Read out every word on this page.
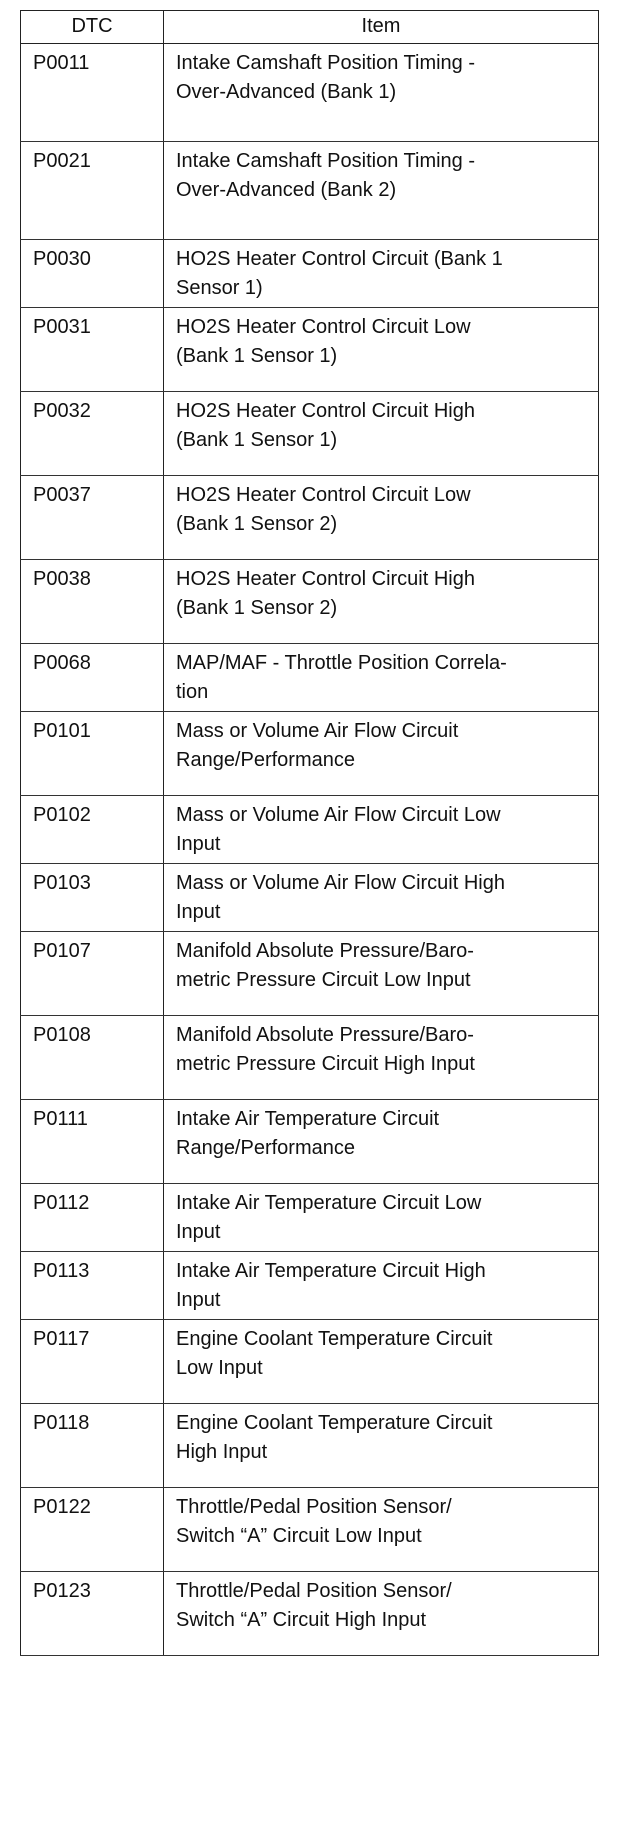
DTC	Item

P0011	Intake Camshaft Position Timing -
Over-Advanced (Bank 1)

P0021	Intake Camshaft Position Timing -
Over-Advanced (Bank 2)

P0030	HO2S Heater Control Circuit (Bank 1
Sensor 1)

P0031	HO2S Heater Control Circuit Low
(Bank 1 Sensor 1)

P0032	HO2S Heater Control Circuit High
(Bank 1 Sensor 1)

P0037	HO2S Heater Control Circuit Low
(Bank 1 Sensor 2)

P0038	HO2S Heater Control Circuit High
(Bank 1 Sensor 2)

P0068	MAP/MAF - Throttle Position Correla-
tion

P0101	Mass or Volume Air Flow Circuit
Range/Performance

P0102	Mass or Volume Air Flow Circuit Low
Input

P0103	Mass or Volume Air Flow Circuit High
Input

P0107	Manifold Absolute Pressure/Baro-
metric Pressure Circuit Low Input

P0108	Manifold Absolute Pressure/Baro-
metric Pressure Circuit High Input

P0111	Intake Air Temperature Circuit
Range/Performance

P0112	Intake Air Temperature Circuit Low
Input

P0113	Intake Air Temperature Circuit High
Input

P0117	Engine Coolant Temperature Circuit
Low Input

P0118	Engine Coolant Temperature Circuit
High Input

P0122	Throttle/Pedal Position Sensor/
Switch “A” Circuit Low Input

P0123	Throttle/Pedal Position Sensor/
Switch “A” Circuit High Input
